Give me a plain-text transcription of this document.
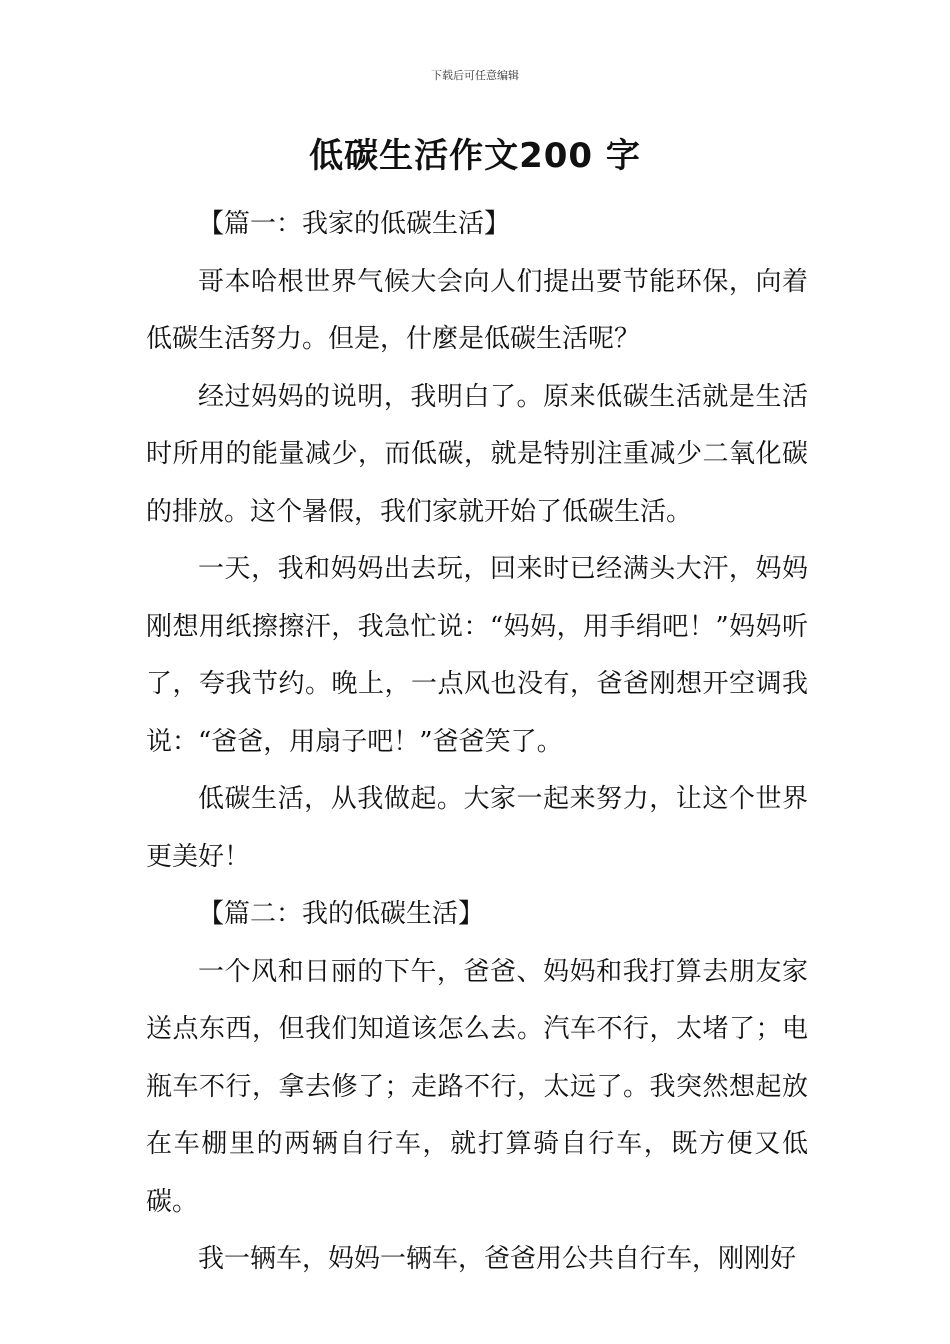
下载后可任意编辑
低碳生活作文200 字

【篇一：我家的低碳生活】

哥本哈根世界气候大会向人们提出要节能环保，向着低碳生活努力。但是，什麼是低碳生活呢？

经过妈妈的说明，我明白了。原来低碳生活就是生活时所用的能量减少，而低碳，就是特别注重减少二氧化碳的排放。这个暑假，我们家就开始了低碳生活。

一天，我和妈妈出去玩，回来时已经满头大汗，妈妈刚想用纸擦擦汗，我急忙说：“妈妈，用手绢吧！”妈妈听了，夸我节约。晚上，一点风也没有，爸爸刚想开空调我说：“爸爸，用扇子吧！”爸爸笑了。

低碳生活，从我做起。大家一起来努力，让这个世界更美好！

【篇二：我的低碳生活】

一个风和日丽的下午，爸爸、妈妈和我打算去朋友家送点东西，但我们知道该怎么去。汽车不行，太堵了；电瓶车不行，拿去修了；走路不行，太远了。我突然想起放在车棚里的两辆自行车，就打算骑自行车，既方便又低碳。

我一辆车，妈妈一辆车，爸爸用公共自行车，刚刚好
